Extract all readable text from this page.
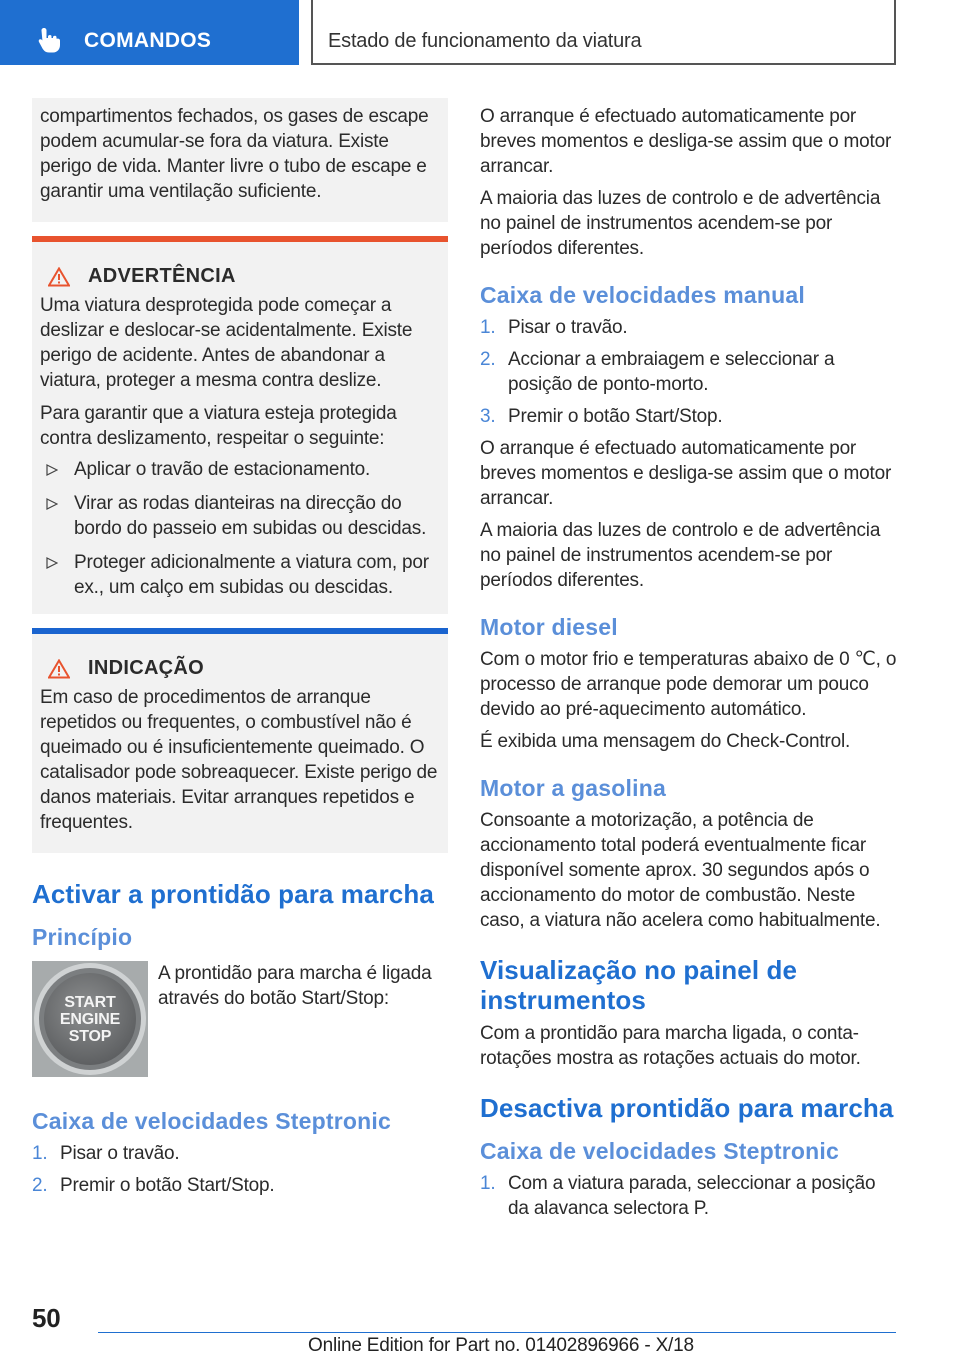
COMANDOS	Estado de funcionamento da viatura

compartimentos fechados, os gases de escape podem acumular-se fora da viatura. Existe perigo de vida. Manter livre o tubo de escape e garantir uma ventilação suficiente.

ADVERTÊNCIA

Uma viatura desprotegida pode começar a deslizar e deslocar-se acidentalmente. Existe perigo de acidente. Antes de abandonar a viatura, proteger a mesma contra deslize.

Para garantir que a viatura esteja protegida contra deslizamento, respeitar o seguinte:

Aplicar o travão de estacionamento.
Virar as rodas dianteiras na direcção do bordo do passeio em subidas ou descidas.
Proteger adicionalmente a viatura com, por ex., um calço em subidas ou descidas.
INDICAÇÃO

Em caso de procedimentos de arranque repetidos ou frequentes, o combustível não é queimado ou é insuficientemente queimado. O catalisador pode sobreaquecer. Existe perigo de danos materiais. Evitar arranques repetidos e frequentes.

Activar a prontidão para marcha
Princípio
START
ENGINE
STOP

A prontidão para marcha é ligada através do botão Start/Stop:

Caixa de velocidades Steptronic
1. Pisar o travão.
2. Premir o botão Start/Stop.

O arranque é efectuado automaticamente por breves momentos e desliga-se assim que o motor arrancar.

A maioria das luzes de controlo e de advertência no painel de instrumentos acendem-se por períodos diferentes.

Caixa de velocidades manual
1. Pisar o travão.
2. Accionar a embraiagem e seleccionar a posição de ponto-morto.
3. Premir o botão Start/Stop.

O arranque é efectuado automaticamente por breves momentos e desliga-se assim que o motor arrancar.

A maioria das luzes de controlo e de advertência no painel de instrumentos acendem-se por períodos diferentes.

Motor diesel

Com o motor frio e temperaturas abaixo de 0 ℃, o processo de arranque pode demorar um pouco devido ao pré-aquecimento automático.

É exibida uma mensagem do Check-Control.

Motor a gasolina

Consoante a motorização, a potência de accionamento total poderá eventualmente ficar disponível somente aprox. 30 segundos após o accionamento do motor de combustão. Neste caso, a viatura não acelera como habitualmente.

Visualização no painel de instrumentos

Com a prontidão para marcha ligada, o conta-rotações mostra as rotações actuais do motor.

Desactiva prontidão para marcha
Caixa de velocidades Steptronic
1. Com a viatura parada, seleccionar a posição da alavanca selectora P.
50
Online Edition for Part no. 01402896966 - X/18
